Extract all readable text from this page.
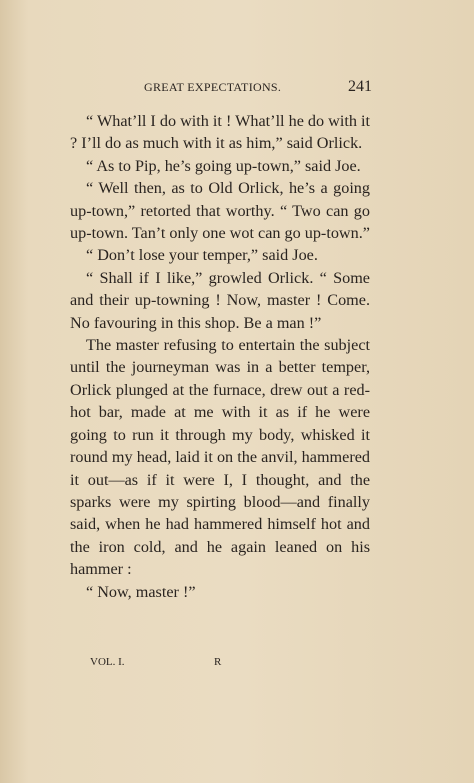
GREAT EXPECTATIONS.	241

“ What’ll I do with it ! What’ll he do with it ? I’ll do as much with it as him,” said Orlick.

“ As to Pip, he’s going up-town,” said Joe.

“ Well then, as to Old Orlick, he’s a going up-town,” retorted that worthy. “ Two can go up-town. Tan’t only one wot can go up-town.”

“ Don’t lose your temper,” said Joe.

“ Shall if I like,” growled Orlick. “ Some and their up-towning ! Now, master ! Come. No favouring in this shop. Be a man !”

The master refusing to entertain the subject until the journeyman was in a better temper, Orlick plunged at the furnace, drew out a red-hot bar, made at me with it as if he were going to run it through my body, whisked it round my head, laid it on the anvil, hammered it out—as if it were I, I thought, and the sparks were my spirting blood—and finally said, when he had hammered himself hot and the iron cold, and he again leaned on his hammer :

“ Now, master !”

VOL. I.	R
